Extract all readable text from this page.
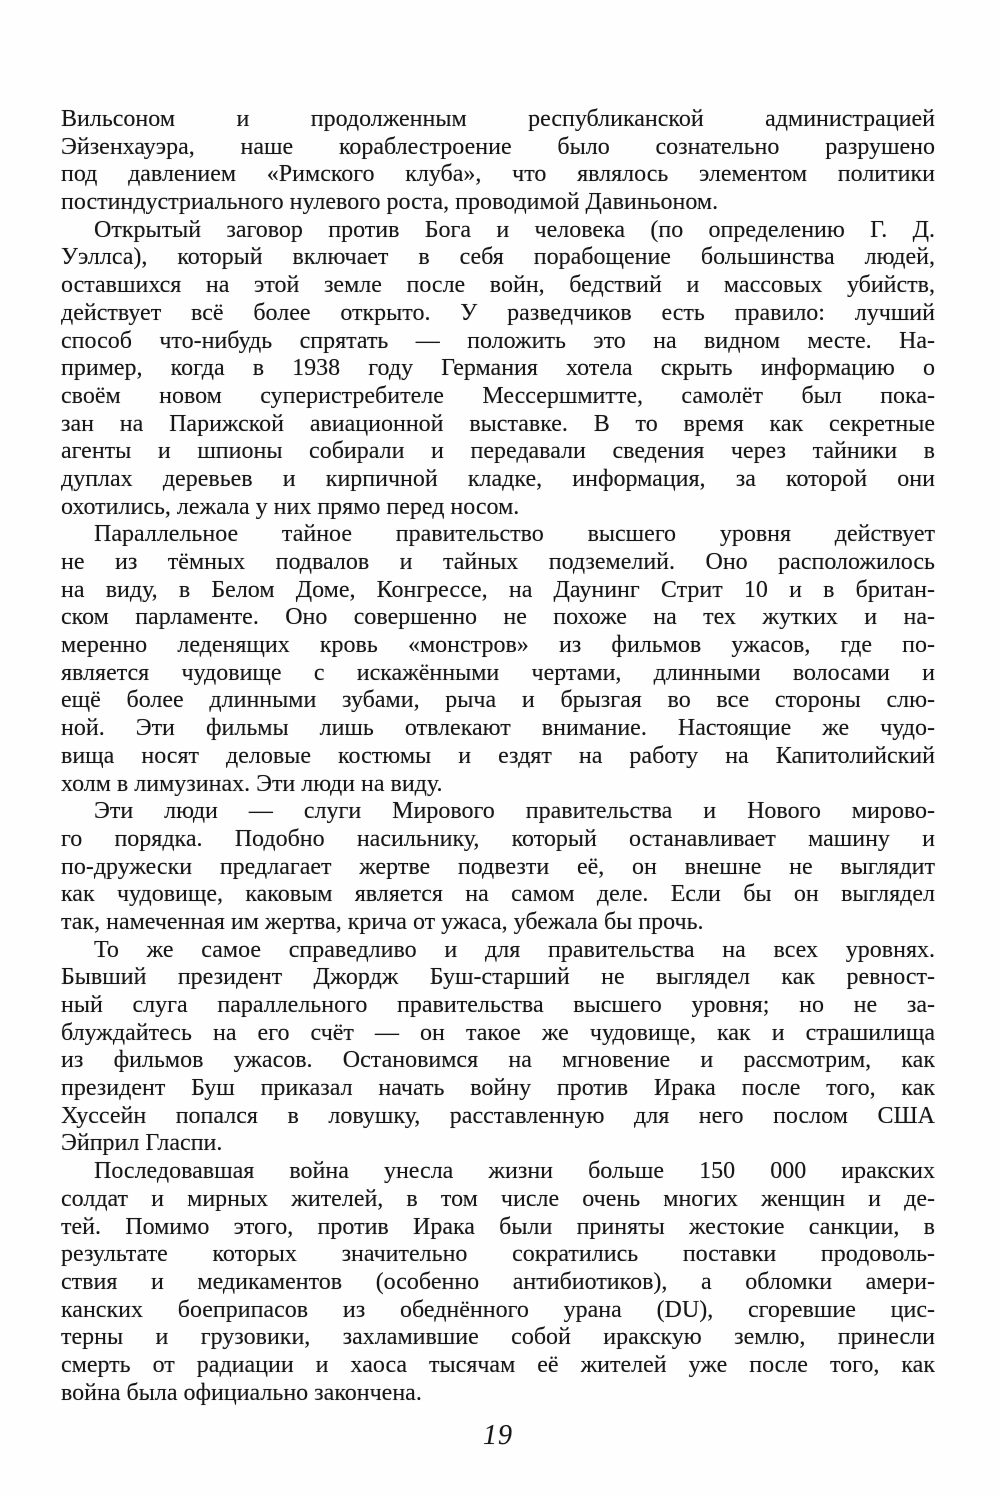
Вильсоном и продолженным республиканской администрацией
Эйзенхауэра, наше кораблестроение было сознательно разрушено
под давлением «Римского клуба», что являлось элементом политики
постиндустриального нулевого роста, проводимой Давиньоном.
Открытый заговор против Бога и человека (по определению Г. Д.
Уэллса), который включает в себя порабощение большинства людей,
оставшихся на этой земле после войн, бедствий и массовых убийств,
действует всё более открыто. У разведчиков есть правило: лучший
способ что-нибудь спрятать — положить это на видном месте. На-
пример, когда в 1938 году Германия хотела скрыть информацию о
своём новом суперистребителе Мессершмитте, самолёт был пока-
зан на Парижской авиационной выставке. В то время как секретные
агенты и шпионы собирали и передавали сведения через тайники в
дуплах деревьев и кирпичной кладке, информация, за которой они
охотились, лежала у них прямо перед носом.
Параллельное тайное правительство высшего уровня действует
не из тёмных подвалов и тайных подземелий. Оно расположилось
на виду, в Белом Доме, Конгрессе, на Даунинг Стрит 10 и в британ-
ском парламенте. Оно совершенно не похоже на тех жутких и на-
меренно леденящих кровь «монстров» из фильмов ужасов, где по-
является чудовище с искажёнными чертами, длинными волосами и
ещё более длинными зубами, рыча и брызгая во все стороны слю-
ной. Эти фильмы лишь отвлекают внимание. Настоящие же чудо-
вища носят деловые костюмы и ездят на работу на Капитолийский
холм в лимузинах. Эти люди на виду.
Эти люди — слуги Мирового правительства и Нового мирово-
го порядка. Подобно насильнику, который останавливает машину и
по-дружески предлагает жертве подвезти её, он внешне не выглядит
как чудовище, каковым является на самом деле. Если бы он выглядел
так, намеченная им жертва, крича от ужаса, убежала бы прочь.
То же самое справедливо и для правительства на всех уровнях.
Бывший президент Джордж Буш-старший не выглядел как ревност-
ный слуга параллельного правительства высшего уровня; но не за-
блуждайтесь на его счёт — он такое же чудовище, как и страшилища
из фильмов ужасов. Остановимся на мгновение и рассмотрим, как
президент Буш приказал начать войну против Ирака после того, как
Хуссейн попался в ловушку, расставленную для него послом США
Эйприл Гласпи.
Последовавшая война унесла жизни больше 150 000 иракских
солдат и мирных жителей, в том числе очень многих женщин и де-
тей. Помимо этого, против Ирака были приняты жестокие санкции, в
результате которых значительно сократились поставки продоволь-
ствия и медикаментов (особенно антибиотиков), а обломки амери-
канских боеприпасов из обеднённого урана (DU), сгоревшие цис-
терны и грузовики, захламившие собой иракскую землю, принесли
смерть от радиации и хаоса тысячам её жителей уже после того, как
война была официально закончена.
19
